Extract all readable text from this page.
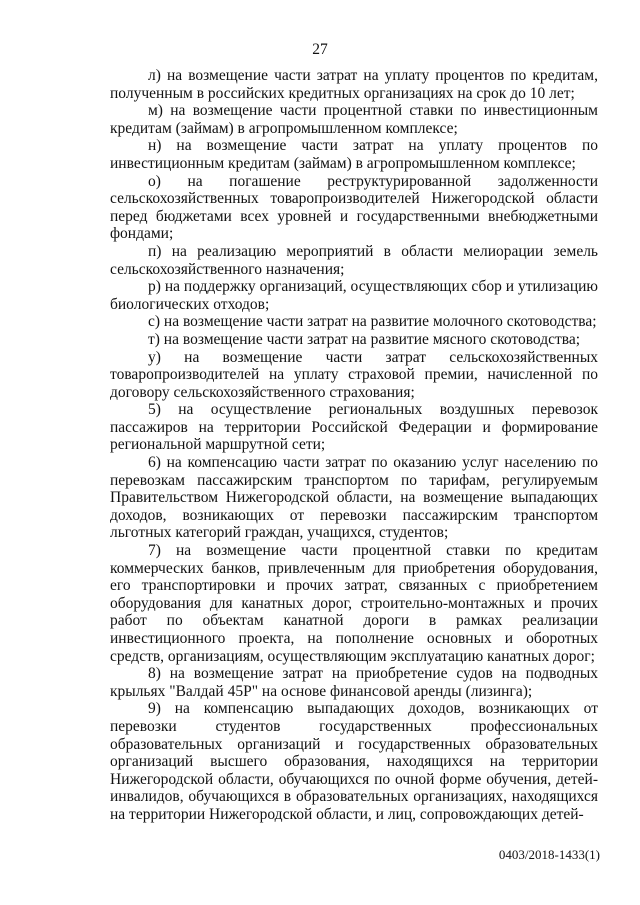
27

л) на возмещение части затрат на уплату процентов по кредитам, полученным в российских кредитных организациях на срок до 10 лет;

м) на возмещение части процентной ставки по инвестиционным кредитам (займам) в агропромышленном комплексе;

н) на возмещение части затрат на уплату процентов по инвестиционным кредитам (займам) в агропромышленном комплексе;

о) на погашение реструктурированной задолженности сельскохозяйственных товаропроизводителей Нижегородской области перед бюджетами всех уровней и государственными внебюджетными фондами;

п) на реализацию мероприятий в области мелиорации земель сельскохозяйственного назначения;

р) на поддержку организаций, осуществляющих сбор и утилизацию биологических отходов;

с) на возмещение части затрат на развитие молочного скотоводства;

т) на возмещение части затрат на развитие мясного скотоводства;

у) на возмещение части затрат сельскохозяйственных товаропроизводителей на уплату страховой премии, начисленной по договору сельскохозяйственного страхования;

5) на осуществление региональных воздушных перевозок пассажиров на территории Российской Федерации и формирование региональной маршрутной сети;

6) на компенсацию части затрат по оказанию услуг населению по перевозкам пассажирским транспортом по тарифам, регулируемым Правительством Нижегородской области, на возмещение выпадающих доходов, возникающих от перевозки пассажирским транспортом льготных категорий граждан, учащихся, студентов;

7) на возмещение части процентной ставки по кредитам коммерческих банков, привлеченным для приобретения оборудования, его транспортировки и прочих затрат, связанных с приобретением оборудования для канатных дорог, строительно-монтажных и прочих работ по объектам канатной дороги в рамках реализации инвестиционного проекта, на пополнение основных и оборотных средств, организациям, осуществляющим эксплуатацию канатных дорог;

8) на возмещение затрат на приобретение судов на подводных крыльях "Валдай 45Р" на основе финансовой аренды (лизинга);

9) на компенсацию выпадающих доходов, возникающих от перевозки студентов государственных профессиональных образовательных организаций и государственных образовательных организаций высшего образования, находящихся на территории Нижегородской области, обучающихся по очной форме обучения, детей-инвалидов, обучающихся в образовательных организациях, находящихся на территории Нижегородской области, и лиц, сопровождающих детей-

0403/2018-1433(1)
